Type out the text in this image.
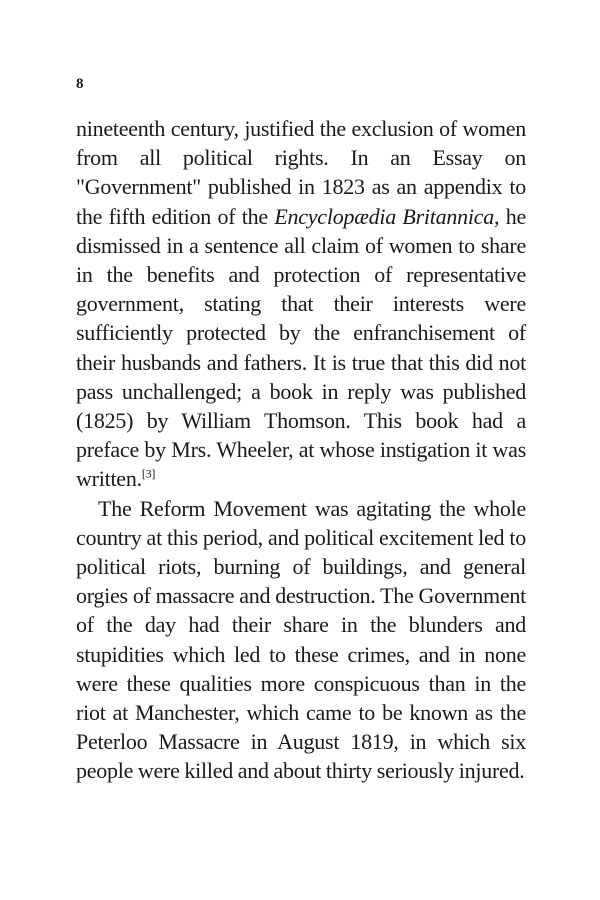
8

nineteenth century, justified the exclusion of women from all political rights. In an Essay on "Government" published in 1823 as an appendix to the fifth edition of the Encyclopædia Britannica, he dismissed in a sentence all claim of women to share in the benefits and protection of representative government, stating that their interests were sufficiently protected by the enfranchisement of their husbands and fathers. It is true that this did not pass unchallenged; a book in reply was published (1825) by William Thomson. This book had a preface by Mrs. Wheeler, at whose instigation it was written.[3]

The Reform Movement was agitating the whole country at this period, and political excitement led to political riots, burning of buildings, and general orgies of massacre and destruction. The Government of the day had their share in the blunders and stupidities which led to these crimes, and in none were these qualities more conspicuous than in the riot at Manchester, which came to be known as the Peterloo Massacre in August 1819, in which six people were killed and about thirty seriously injured.
